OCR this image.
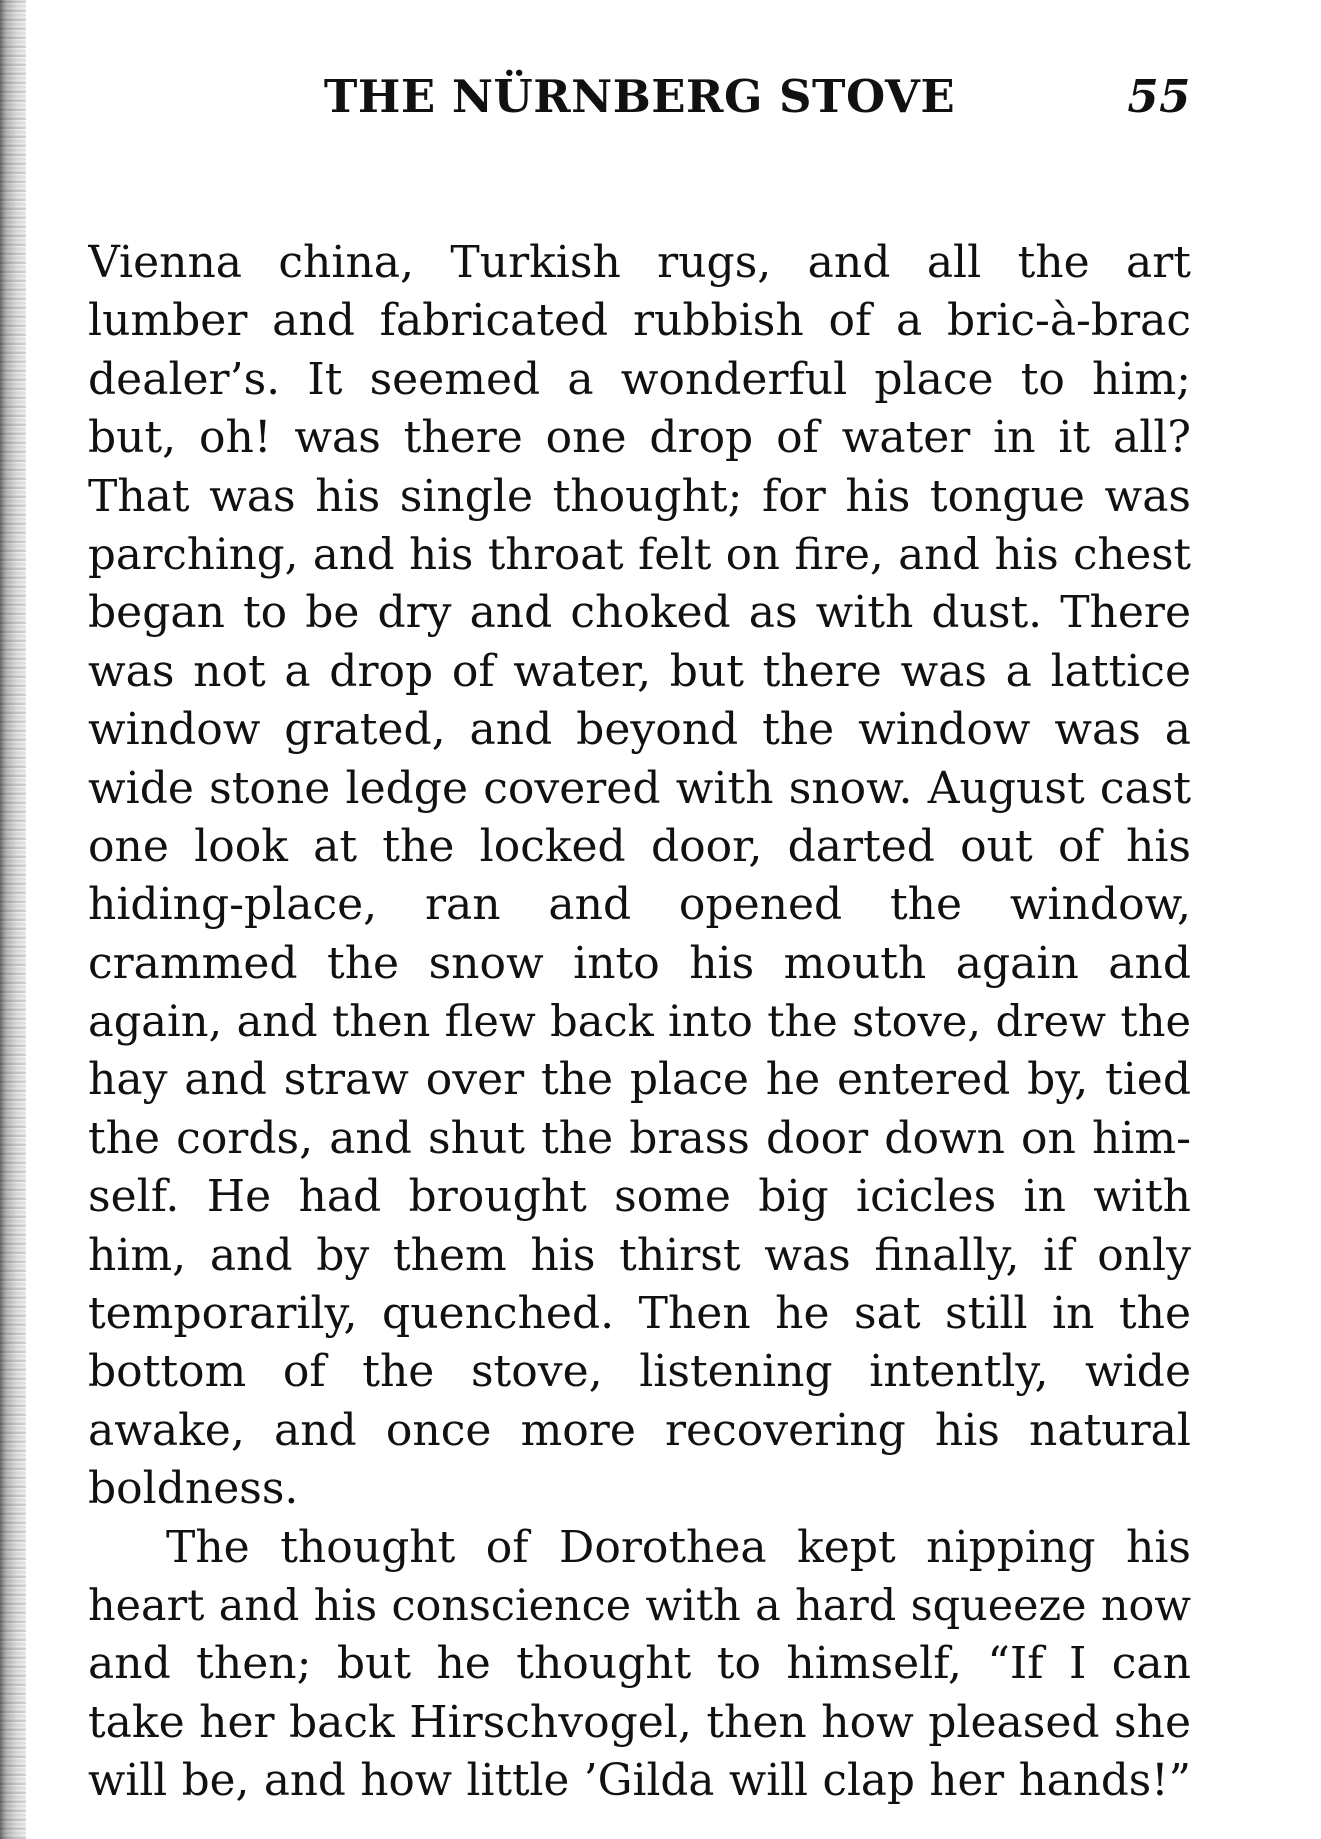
THE NÜRNBERG STOVE	55
Vienna china, Turkish rugs, and all the art
lumber and fabricated rubbish of a bric-à-brac
dealer’s. It seemed a wonderful place to him;
but, oh! was there one drop of water in it all?
That was his single thought; for his tongue was
parching, and his throat felt on fire, and his chest
began to be dry and choked as with dust. There
was not a drop of water, but there was a lattice
window grated, and beyond the window was a
wide stone ledge covered with snow. August cast
one look at the locked door, darted out of his
hiding-place, ran and opened the window,
crammed the snow into his mouth again and
again, and then flew back into the stove, drew the
hay and straw over the place he entered by, tied
the cords, and shut the brass door down on him-
self. He had brought some big icicles in with
him, and by them his thirst was finally, if only
temporarily, quenched. Then he sat still in the
bottom of the stove, listening intently, wide
awake, and once more recovering his natural
boldness.
The thought of Dorothea kept nipping his
heart and his conscience with a hard squeeze now
and then; but he thought to himself, “If I can
take her back Hirschvogel, then how pleased she
will be, and how little ’Gilda will clap her hands!”
